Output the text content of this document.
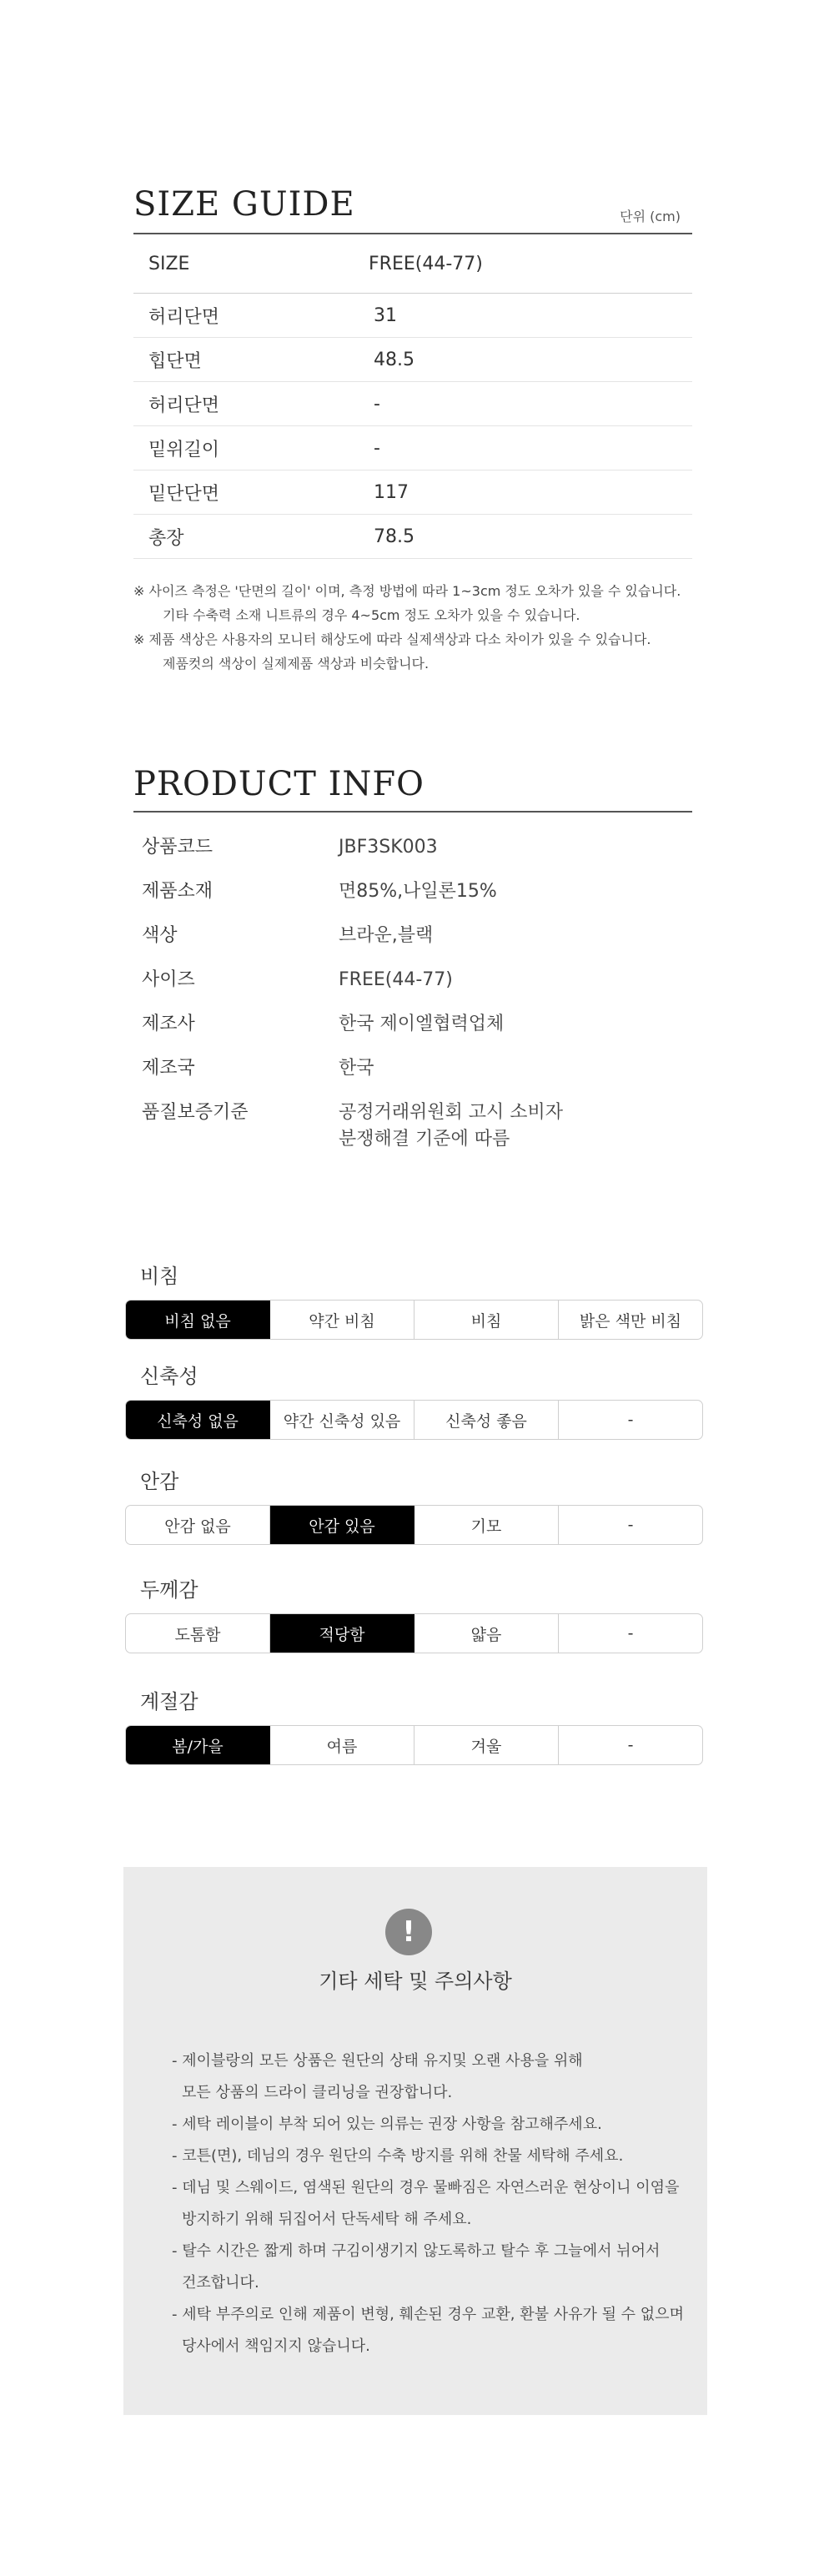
SIZE GUIDE	단위 (cm)
SIZE	FREE(44-77)
허리단면	31
힙단면	48.5
허리단면	-
밑위길이	-
밑단단면	117
총장	78.5

※ 사이즈 측정은 '단면의 길이' 이며, 측정 방법에 따라 1~3cm 정도 오차가 있을 수 있습니다.

기타 수축력 소재 니트류의 경우 4~5cm 정도 오차가 있을 수 있습니다.

※ 제품 색상은 사용자의 모니터 해상도에 따라 실제색상과 다소 차이가 있을 수 있습니다.

제품컷의 색상이 실제제품 색상과 비슷합니다.

PRODUCT INFO
상품코드	JBF3SK003
제품소재	면85%,나일론15%
색상	브라운,블랙
사이즈	FREE(44-77)
제조사	한국 제이엘협력업체
제조국	한국
품질보증기준	공정거래위원회 고시 소비자
분쟁해결 기준에 따름
비침
비침 없음	약간 비침	비침	밝은 색만 비침
신축성
신축성 없음	약간 신축성 있음	신축성 좋음	-
안감
안감 없음	안감 있음	기모	-
두께감
도톰함	적당함	얇음	-
계절감
봄/가을	여름	겨울	-
!
기타 세탁 및 주의사항
- 제이블랑의 모든 상품은 원단의 상태 유지및 오랜 사용을 위해
모든 상품의 드라이 클리닝을 권장합니다.
- 세탁 레이블이 부착 되어 있는 의류는 권장 사항을 참고해주세요.
- 코튼(면), 데님의 경우 원단의 수축 방지를 위해 찬물 세탁해 주세요.
- 데님 및 스웨이드, 염색된 원단의 경우 물빠짐은 자연스러운 현상이니 이염을
방지하기 위해 뒤집어서 단독세탁 해 주세요.
- 탈수 시간은 짧게 하며 구김이생기지 않도록하고 탈수 후 그늘에서 뉘어서
건조합니다.
- 세탁 부주의로 인해 제품이 변형, 훼손된 경우 교환, 환불 사유가 될 수 없으며
당사에서 책임지지 않습니다.
